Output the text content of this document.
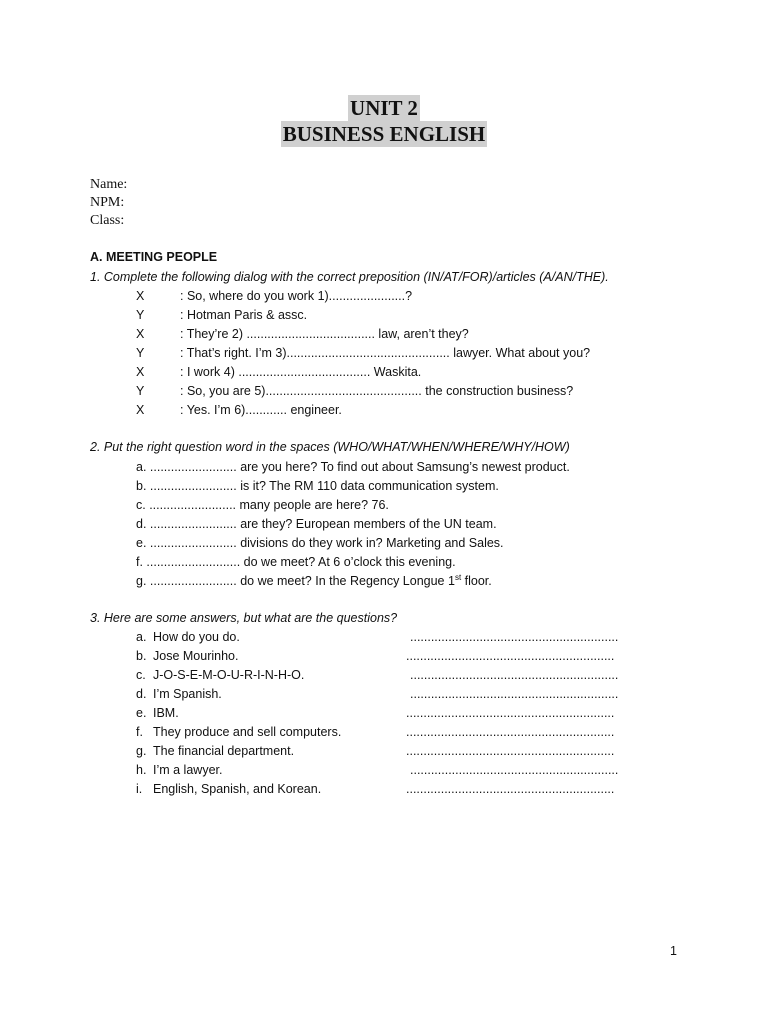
UNIT 2
BUSINESS ENGLISH
Name:
NPM:
Class:
A. MEETING PEOPLE
1. Complete the following dialog with the correct preposition (IN/AT/FOR)/articles (A/AN/THE).
X	: So, where do you work 1)......................?
Y	: Hotman Paris & assc.
X	: They’re 2) ..................................... law, aren’t they?
Y	: That’s right. I’m 3)............................................... lawyer. What about you?
X	: I work 4) ...................................... Waskita.
Y	: So, you are 5)............................................. the construction business?
X	: Yes. I’m 6)............ engineer.
2. Put the right question word in the spaces (WHO/WHAT/WHEN/WHERE/WHY/HOW)
a. ......................... are you here? To find out about Samsung’s newest product.
b. ......................... is it? The RM 110 data communication system.
c. ......................... many people are here? 76.
d. ......................... are they? European members of the UN team.
e. ......................... divisions do they work in? Marketing and Sales.
f. ........................... do we meet? At 6 o’clock this evening.
g. ......................... do we meet? In the Regency Longue 1st floor.
3. Here are some answers, but what are the questions?
a. How do you do.	............................................................
b. Jose Mourinho.	............................................................
c. J-O-S-E-M-O-U-R-I-N-H-O.	............................................................
d. I’m Spanish.	............................................................
e. IBM.	............................................................
f. They produce and sell computers.	............................................................
g. The financial department.	............................................................
h. I’m a lawyer.	............................................................
i. English, Spanish, and Korean.	............................................................
1
